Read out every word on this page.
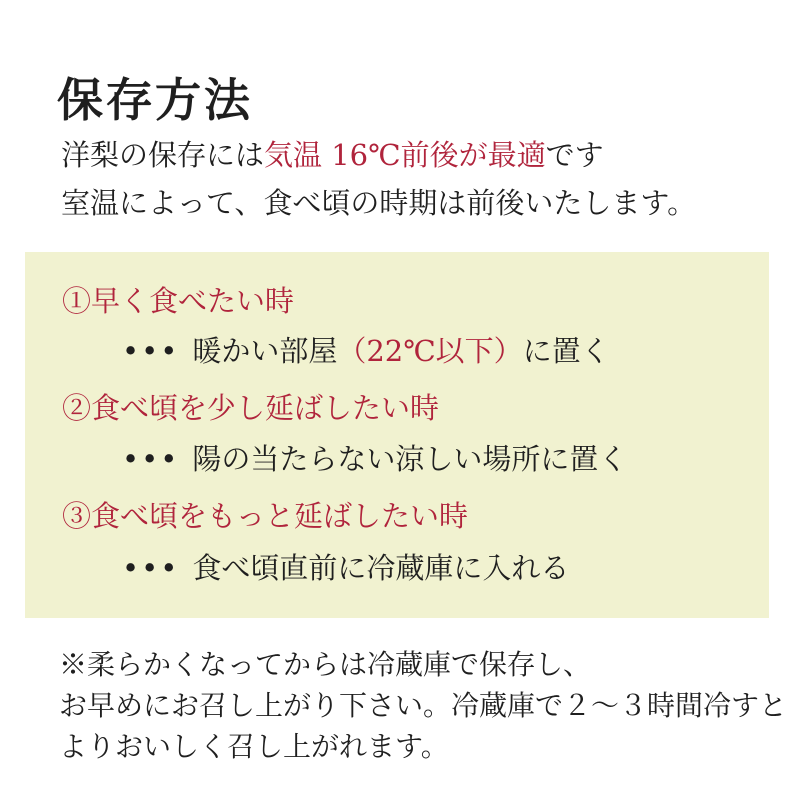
保存方法
洋梨の保存には気温 16℃前後が最適です
室温によって、食べ頃の時期は前後いたします。
①早く食べたい時
••• 暖かい部屋（22℃以下）に置く
②食べ頃を少し延ばしたい時
••• 陽の当たらない涼しい場所に置く
③食べ頃をもっと延ばしたい時
••• 食べ頃直前に冷蔵庫に入れる
※柔らかくなってからは冷蔵庫で保存し、
お早めにお召し上がり下さい。冷蔵庫で２～３時間冷すと
よりおいしく召し上がれます。
